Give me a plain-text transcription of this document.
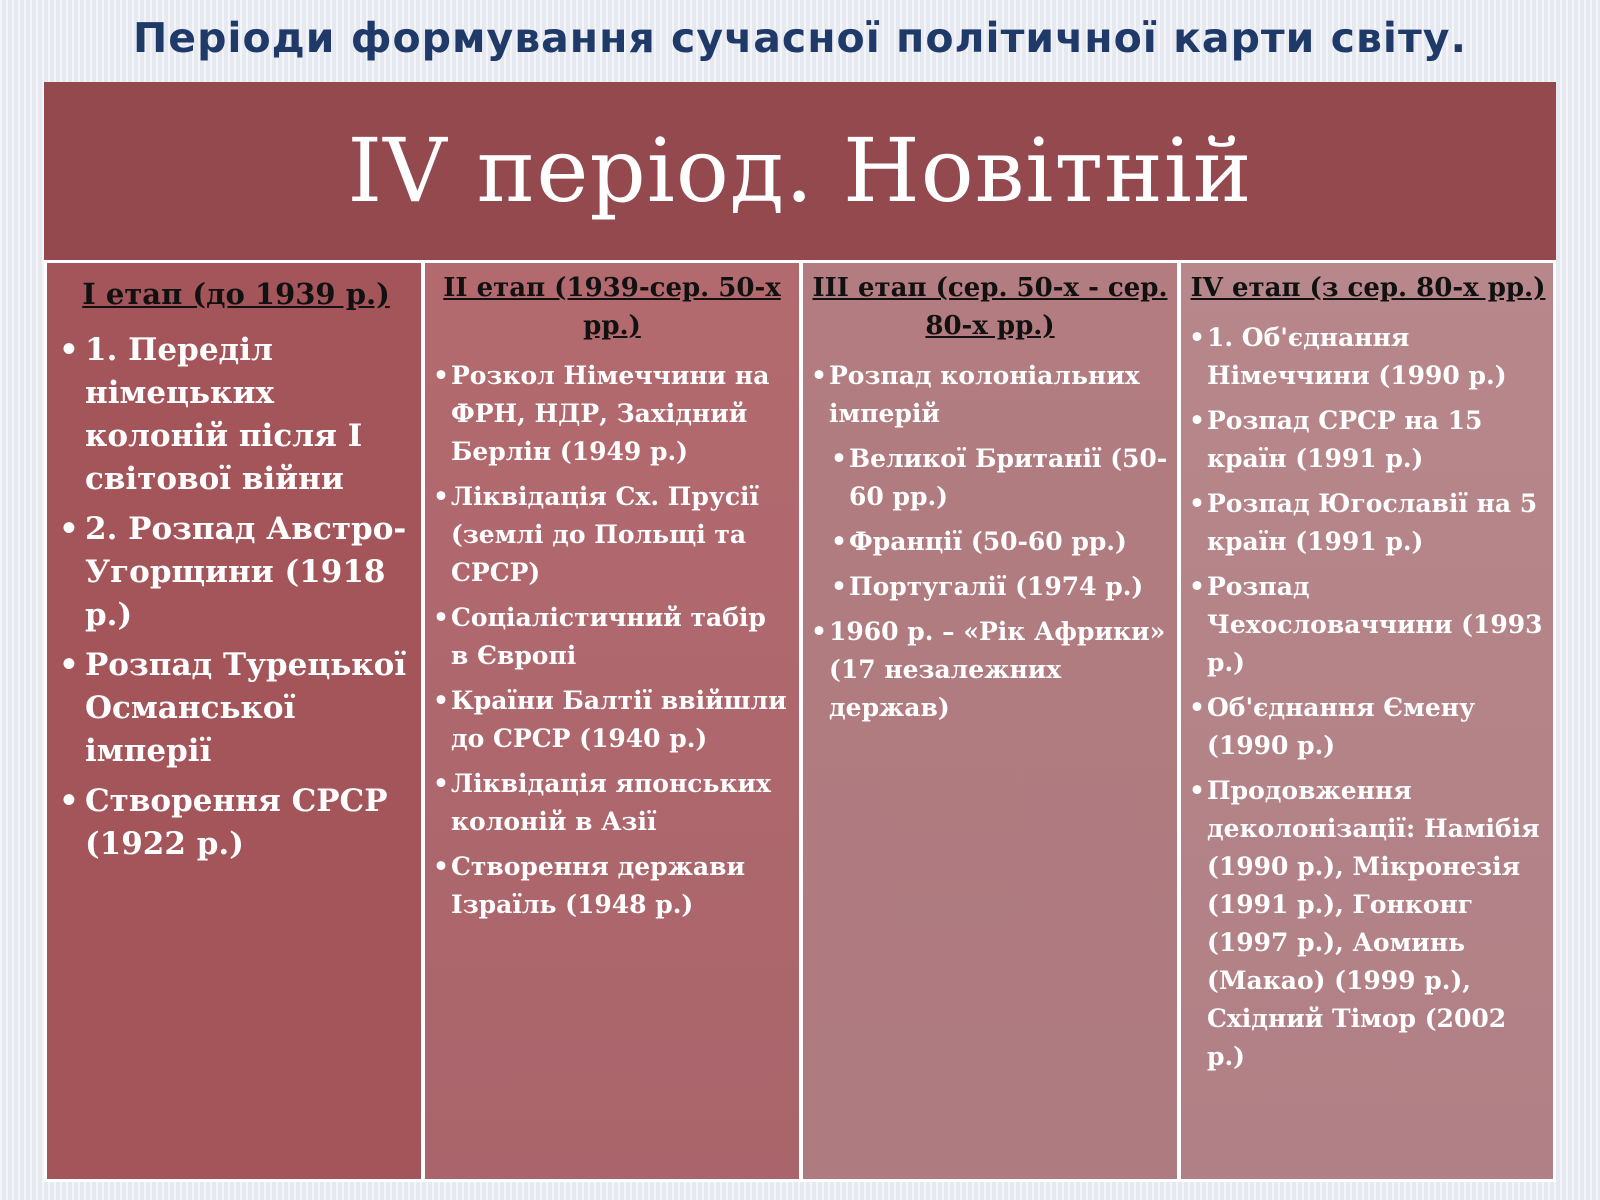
Періоди формування сучасної політичної карти світу.
IV період. Новітній
І етап (до 1939 р.)
• 1. Переділ німецьких колоній після І світової війни
• 2. Розпад Австро-Угорщини (1918 р.)
• Розпад Турецької Османської імперії
• Створення СРСР (1922 р.)
ІІ етап (1939-сер. 50-х рр.)
• Розкол Німеччини на ФРН, НДР, Західний Берлін (1949 р.)
• Ліквідація Сх. Прусії (землі до Польщі та СРСР)
• Соціалістичний табір в Європі
• Країни Балтії ввійшли до СРСР (1940 р.)
• Ліквідація японських колоній в Азії
• Створення держави Ізраїль (1948 р.)
ІІІ етап (сер. 50-х - сер. 80-х рр.)
• Розпад колоніальних імперій
• Великої Британії (50-60 рр.)
• Франції (50-60 рр.)
• Португалії (1974 р.)
• 1960 р. – «Рік Африки» (17 незалежних держав)
ІV етап (з сер. 80-х рр.)
• 1. Об'єднання Німеччини (1990 р.)
• Розпад СРСР на 15 країн (1991 р.)
• Розпад Югославії на 5 країн (1991 р.)
• Розпад Чехословаччини (1993 р.)
• Об'єднання Ємену (1990 р.)
• Продовження деколонізації: Намібія (1990 р.), Мікронезія (1991 р.), Гонконг (1997 р.), Аоминь (Макао) (1999 р.), Східний Тімор (2002 р.)
